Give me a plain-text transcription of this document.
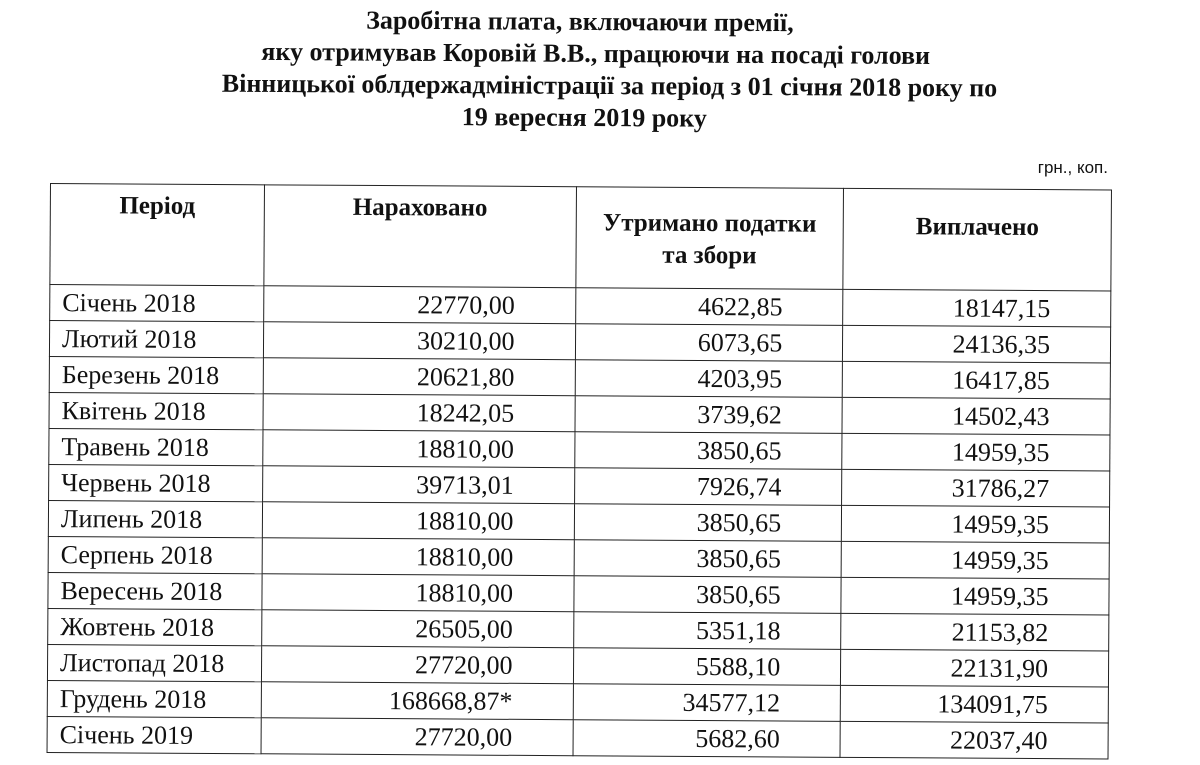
Заробітна плата, включаючи премії,
яку отримував Коровій В.В., працюючи на посаді голови
Вінницької облдержадміністрації за період з 01 січня 2018 року по
19 вересня 2019 року
грн., коп.
Період	Нараховано	Утримано податки та збори	Виплачено
Січень 2018	22770,00	4622,85	18147,15
Лютий 2018	30210,00	6073,65	24136,35
Березень 2018	20621,80	4203,95	16417,85
Квітень 2018	18242,05	3739,62	14502,43
Травень 2018	18810,00	3850,65	14959,35
Червень 2018	39713,01	7926,74	31786,27
Липень 2018	18810,00	3850,65	14959,35
Серпень 2018	18810,00	3850,65	14959,35
Вересень 2018	18810,00	3850,65	14959,35
Жовтень 2018	26505,00	5351,18	21153,82
Листопад 2018	27720,00	5588,10	22131,90
Грудень 2018	168668,87*	34577,12	134091,75
Січень 2019	27720,00	5682,60	22037,40
